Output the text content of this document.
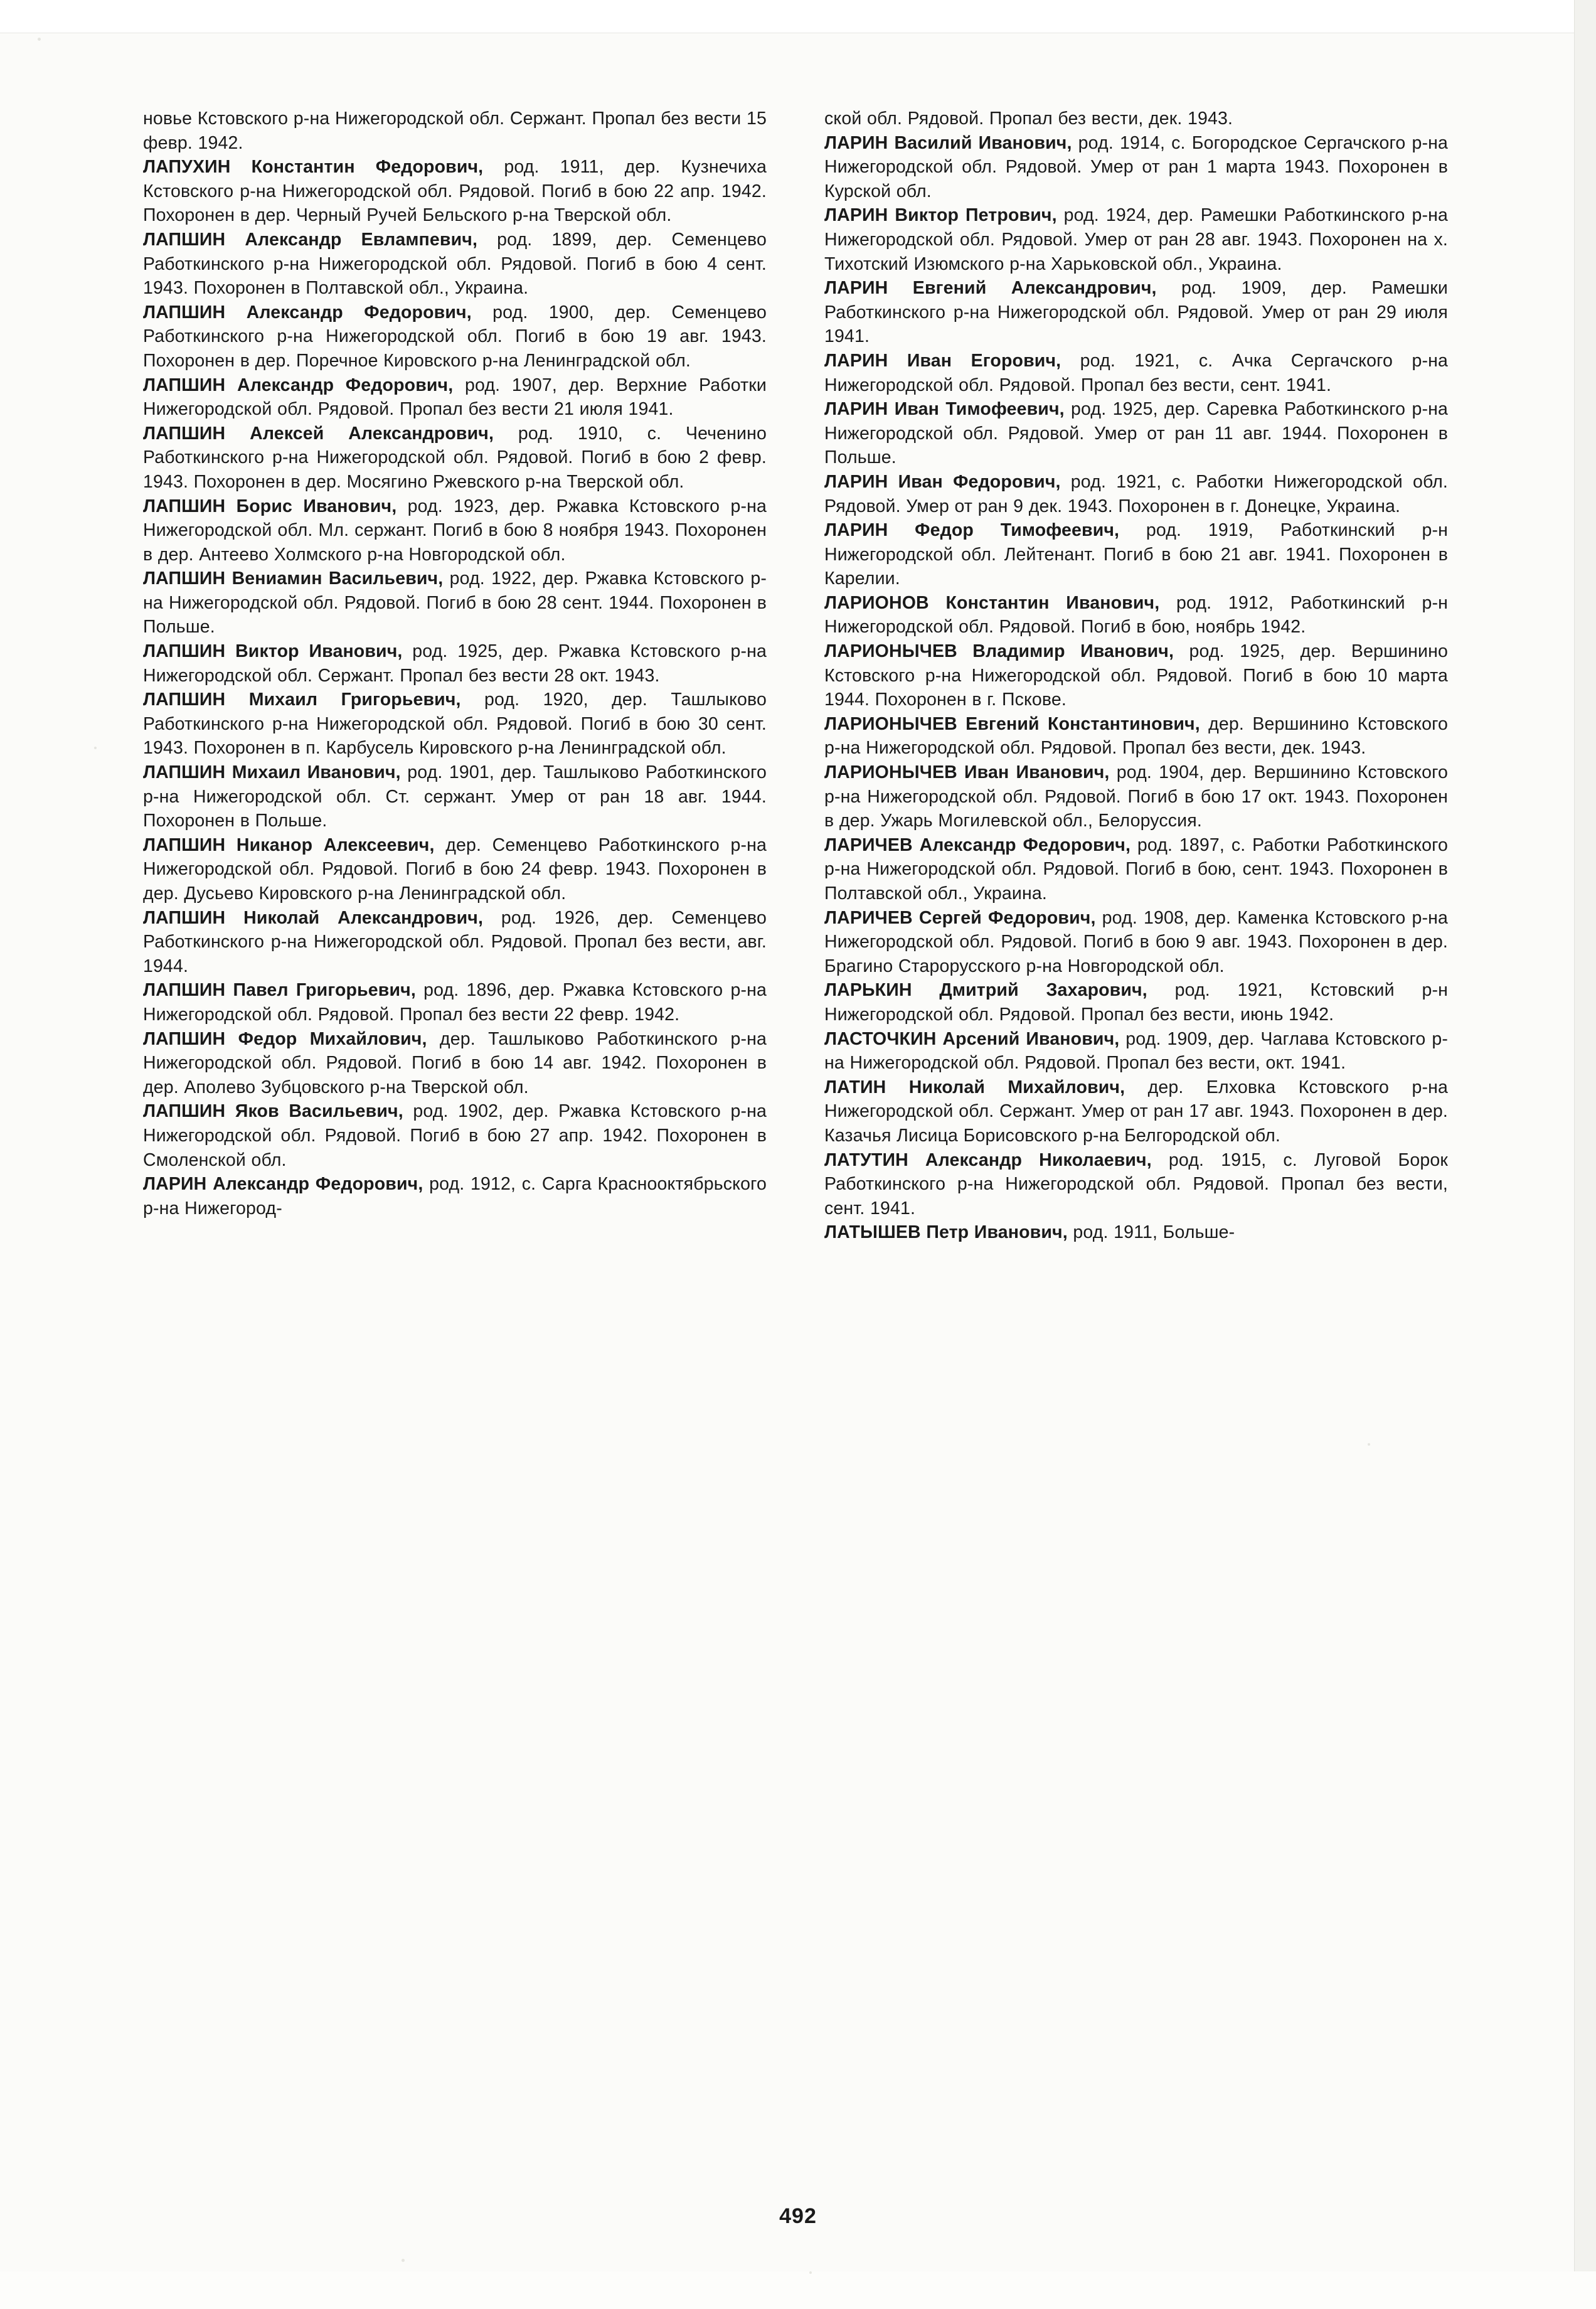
новье Кстовского р-на Нижегородской обл. Сержант. Пропал без вести 15 февр. 1942.

ЛАПУХИН Константин Федорович, род. 1911, дер. Кузнечиха Кстовского р-на Нижегородской обл. Рядовой. Погиб в бою 22 апр. 1942. Похоронен в дер. Черный Ручей Бельского р-на Тверской обл.

ЛАПШИН Александр Евлампевич, род. 1899, дер. Семенцево Работкинского р-на Нижегородской обл. Рядовой. Погиб в бою 4 сент. 1943. Похоронен в Полтавской обл., Украина.

ЛАПШИН Александр Федорович, род. 1900, дер. Семенцево Работкинского р-на Нижегородской обл. Погиб в бою 19 авг. 1943. Похоронен в дер. Поречное Кировского р-на Ленинградской обл.

ЛАПШИН Александр Федорович, род. 1907, дер. Верхние Работки Нижегородской обл. Рядовой. Пропал без вести 21 июля 1941.

ЛАПШИН Алексей Александрович, род. 1910, с. Чеченино Работкинского р-на Нижегородской обл. Рядовой. Погиб в бою 2 февр. 1943. Похоронен в дер. Мосягино Ржевского р-на Тверской обл.

ЛАПШИН Борис Иванович, род. 1923, дер. Ржавка Кстовского р-на Нижегородской обл. Мл. сержант. Погиб в бою 8 ноября 1943. Похоронен в дер. Антеево Холмского р-на Новгородской обл.

ЛАПШИН Вениамин Васильевич, род. 1922, дер. Ржавка Кстовского р-на Нижегородской обл. Рядовой. Погиб в бою 28 сент. 1944. Похоронен в Польше.

ЛАПШИН Виктор Иванович, род. 1925, дер. Ржавка Кстовского р-на Нижегородской обл. Сержант. Пропал без вести 28 окт. 1943.

ЛАПШИН Михаил Григорьевич, род. 1920, дер. Ташлыково Работкинского р-на Нижегородской обл. Рядовой. Погиб в бою 30 сент. 1943. Похоронен в п. Карбусель Кировского р-на Ленинградской обл.

ЛАПШИН Михаил Иванович, род. 1901, дер. Ташлыково Работкинского р-на Нижегородской обл. Ст. сержант. Умер от ран 18 авг. 1944. Похоронен в Польше.

ЛАПШИН Никанор Алексеевич, дер. Семенцево Работкинского р-на Нижегородской обл. Рядовой. Погиб в бою 24 февр. 1943. Похоронен в дер. Дусьево Кировского р-на Ленинградской обл.

ЛАПШИН Николай Александрович, род. 1926, дер. Семенцево Работкинского р-на Нижегородской обл. Рядовой. Пропал без вести, авг. 1944.

ЛАПШИН Павел Григорьевич, род. 1896, дер. Ржавка Кстовского р-на Нижегородской обл. Рядовой. Пропал без вести 22 февр. 1942.

ЛАПШИН Федор Михайлович, дер. Ташлыково Работкинского р-на Нижегородской обл. Рядовой. Погиб в бою 14 авг. 1942. Похоронен в дер. Аполево Зубцовского р-на Тверской обл.

ЛАПШИН Яков Васильевич, род. 1902, дер. Ржавка Кстовского р-на Нижегородской обл. Рядовой. Погиб в бою 27 апр. 1942. Похоронен в Смоленской обл.

ЛАРИН Александр Федорович, род. 1912, с. Сарга Краснооктябрьского р-на Нижегород-

ской обл. Рядовой. Пропал без вести, дек. 1943.

ЛАРИН Василий Иванович, род. 1914, с. Богородское Сергачского р-на Нижегородской обл. Рядовой. Умер от ран 1 марта 1943. Похоронен в Курской обл.

ЛАРИН Виктор Петрович, род. 1924, дер. Рамешки Работкинского р-на Нижегородской обл. Рядовой. Умер от ран 28 авг. 1943. Похоронен на х. Тихотский Изюмского р-на Харьковской обл., Украина.

ЛАРИН Евгений Александрович, род. 1909, дер. Рамешки Работкинского р-на Нижегородской обл. Рядовой. Умер от ран 29 июля 1941.

ЛАРИН Иван Егорович, род. 1921, с. Ачка Сергачского р-на Нижегородской обл. Рядовой. Пропал без вести, сент. 1941.

ЛАРИН Иван Тимофеевич, род. 1925, дер. Саревка Работкинского р-на Нижегородской обл. Рядовой. Умер от ран 11 авг. 1944. Похоронен в Польше.

ЛАРИН Иван Федорович, род. 1921, с. Работки Нижегородской обл. Рядовой. Умер от ран 9 дек. 1943. Похоронен в г. Донецке, Украина.

ЛАРИН Федор Тимофеевич, род. 1919, Работкинский р-н Нижегородской обл. Лейтенант. Погиб в бою 21 авг. 1941. Похоронен в Карелии.

ЛАРИОНОВ Константин Иванович, род. 1912, Работкинский р-н Нижегородской обл. Рядовой. Погиб в бою, ноябрь 1942.

ЛАРИОНЫЧЕВ Владимир Иванович, род. 1925, дер. Вершинино Кстовского р-на Нижегородской обл. Рядовой. Погиб в бою 10 марта 1944. Похоронен в г. Пскове.

ЛАРИОНЫЧЕВ Евгений Константинович, дер. Вершинино Кстовского р-на Нижегородской обл. Рядовой. Пропал без вести, дек. 1943.

ЛАРИОНЫЧЕВ Иван Иванович, род. 1904, дер. Вершинино Кстовского р-на Нижегородской обл. Рядовой. Погиб в бою 17 окт. 1943. Похоронен в дер. Ужарь Могилевской обл., Белоруссия.

ЛАРИЧЕВ Александр Федорович, род. 1897, с. Работки Работкинского р-на Нижегородской обл. Рядовой. Погиб в бою, сент. 1943. Похоронен в Полтавской обл., Украина.

ЛАРИЧЕВ Сергей Федорович, род. 1908, дер. Каменка Кстовского р-на Нижегородской обл. Рядовой. Погиб в бою 9 авг. 1943. Похоронен в дер. Брагино Старорусского р-на Новгородской обл.

ЛАРЬКИН Дмитрий Захарович, род. 1921, Кстовский р-н Нижегородской обл. Рядовой. Пропал без вести, июнь 1942.

ЛАСТОЧКИН Арсений Иванович, род. 1909, дер. Чаглава Кстовского р-на Нижегородской обл. Рядовой. Пропал без вести, окт. 1941.

ЛАТИН Николай Михайлович, дер. Елховка Кстовского р-на Нижегородской обл. Сержант. Умер от ран 17 авг. 1943. Похоронен в дер. Казачья Лисица Борисовского р-на Белгородской обл.

ЛАТУТИН Александр Николаевич, род. 1915, с. Луговой Борок Работкинского р-на Нижегородской обл. Рядовой. Пропал без вести, сент. 1941.

ЛАТЫШЕВ Петр Иванович, род. 1911, Больше-

492
